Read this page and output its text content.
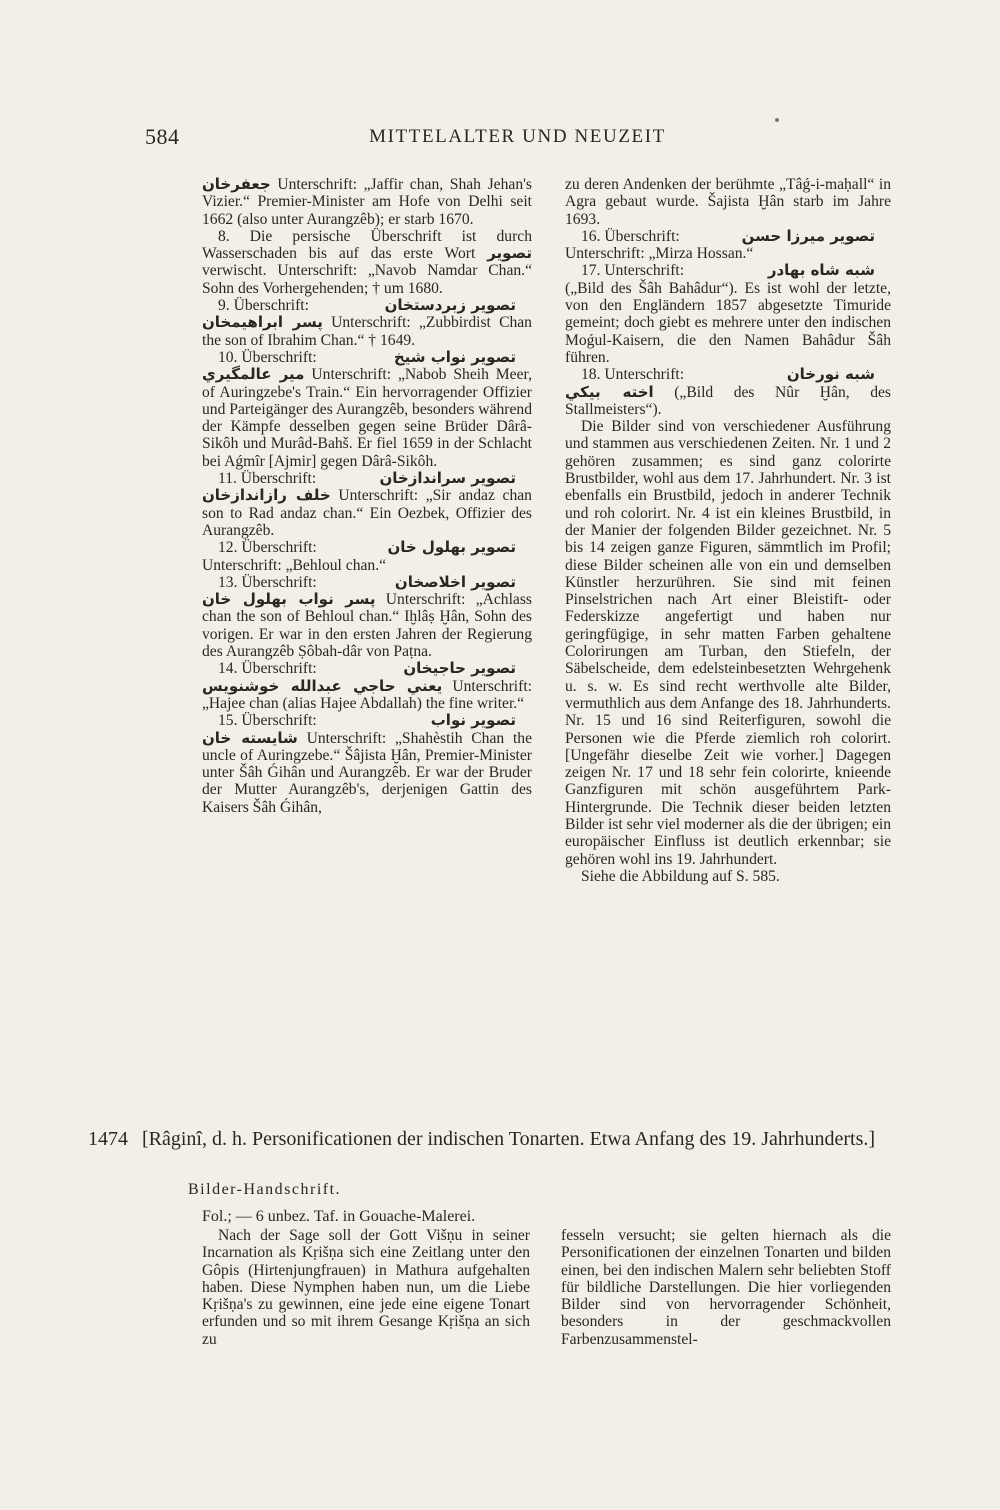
584	MITTELALTER UND NEUZEIT

جعفرخان Unterschrift: „Jaffir chan, Shah Jehan's Vizier.“ Premier-Minister am Hofe von Delhi seit 1662 (also unter Aurangzêb); er starb 1670.

8. Die persische Überschrift ist durch Wasserschaden bis auf das erste Wort تصوير verwischt. Unterschrift: „Navob Namdar Chan.“ Sohn des Vorhergehenden; † um 1680.

9. Überschrift:	تصوير زبردستخان
پسر ابراهيمخان Unterschrift: „Zubbirdist Chan the son of Ibrahim Chan.“ † 1649.

10. Überschrift:	تصوير نواب شيخ
مير عالمگيري Unterschrift: „Nabob Sheih Meer, of Auringzebe's Train.“ Ein hervorragender Offizier und Parteigänger des Aurangzêb, besonders während der Kämpfe desselben gegen seine Brüder Dârâ-Sikôh und Murâd-Bahš. Er fiel 1659 in der Schlacht bei Aǵmîr [Ajmir] gegen Dârâ-Sikôh.

11. Überschrift:	تصوير سراندازخان
خلف رازاندازخان Unterschrift: „Sir andaz chan son to Rad andaz chan.“ Ein Oezbek, Offizier des Aurangzêb.

12. Überschrift:	تصوير بهلول خان
Unterschrift: „Behloul chan.“

13. Überschrift:	تصوير اخلاصخان
پسر نواب بهلول خان Unterschrift: „Achlass chan the son of Behloul chan.“ Iḫlâṣ Ḫân, Sohn des vorigen. Er war in den ersten Jahren der Regierung des Aurangzêb Ṣôbah-dâr von Paṭna.

14. Überschrift:	تصوير حاجيخان
يعني حاجي عبدالله خوشنويس Unterschrift: „Hajee chan (alias Hajee Abdallah) the fine writer.“

15. Überschrift:	تصوير نواب
شايسته خان Unterschrift: „Shahèstih Chan the uncle of Auringzebe.“ Šâjista Ḫân, Premier-Minister unter Šâh Ǵihân und Aurangzêb. Er war der Bruder der Mutter Aurangzêb's, derjenigen Gattin des Kaisers Šâh Ǵihân,

zu deren Andenken der berühmte „Tâǵ-i-maḥall“ in Agra gebaut wurde. Šajista Ḫân starb im Jahre 1693.

16. Überschrift:	تصوير ميرزا حسن
Unterschrift: „Mirza Hossan.“

17. Unterschrift:	شبه شاه بهادر
(„Bild des Šâh Bahâdur“). Es ist wohl der letzte, von den Engländern 1857 abgesetzte Timuride gemeint; doch giebt es mehrere unter den indischen Moǵul-Kaisern, die den Namen Bahâdur Šâh führen.

18. Unterschrift:	شبه نورخان
اخته بيكي („Bild des Nûr Ḫân, des Stallmeisters“).

Die Bilder sind von verschiedener Ausführung und stammen aus verschiedenen Zeiten. Nr. 1 und 2 gehören zusammen; es sind ganz colorirte Brustbilder, wohl aus dem 17. Jahrhundert. Nr. 3 ist ebenfalls ein Brustbild, jedoch in anderer Technik und roh colorirt. Nr. 4 ist ein kleines Brustbild, in der Manier der folgenden Bilder gezeichnet. Nr. 5 bis 14 zeigen ganze Figuren, sämmtlich im Profil; diese Bilder scheinen alle von ein und demselben Künstler herzurühren. Sie sind mit feinen Pinselstrichen nach Art einer Bleistift- oder Federskizze angefertigt und haben nur geringfügige, in sehr matten Farben gehaltene Colorirungen am Turban, den Stiefeln, der Säbelscheide, dem edelsteinbesetzten Wehrgehenk u. s. w. Es sind recht werthvolle alte Bilder, vermuthlich aus dem Anfange des 18. Jahrhunderts. Nr. 15 und 16 sind Reiterfiguren, sowohl die Personen wie die Pferde ziemlich roh colorirt. [Ungefähr dieselbe Zeit wie vorher.] Dagegen zeigen Nr. 17 und 18 sehr fein colorirte, knieende Ganzfiguren mit schön ausgeführtem Park-Hintergrunde. Die Technik dieser beiden letzten Bilder ist sehr viel moderner als die der übrigen; ein europäischer Einfluss ist deutlich erkennbar; sie gehören wohl ins 19. Jahrhundert.

Siehe die Abbildung auf S. 585.

1474 [Râginî, d. h. Personificationen der indischen Tonarten. Etwa Anfang des 19. Jahrhunderts.]
Bilder-Handschrift.
Fol.; — 6 unbez. Taf. in Gouache-Malerei.

Nach der Sage soll der Gott Višṇu in seiner Incarnation als Kṛišṇa sich eine Zeitlang unter den Gôpis (Hirtenjungfrauen) in Mathura aufgehalten haben. Diese Nymphen haben nun, um die Liebe Kṛišṇa's zu gewinnen, eine jede eine eigene Tonart erfunden und so mit ihrem Gesange Kṛišṇa an sich zu

fesseln versucht; sie gelten hiernach als die Personificationen der einzelnen Tonarten und bilden einen, bei den indischen Malern sehr beliebten Stoff für bildliche Darstellungen. Die hier vorliegenden Bilder sind von hervorragender Schönheit, besonders in der geschmackvollen Farbenzusammenstel-
